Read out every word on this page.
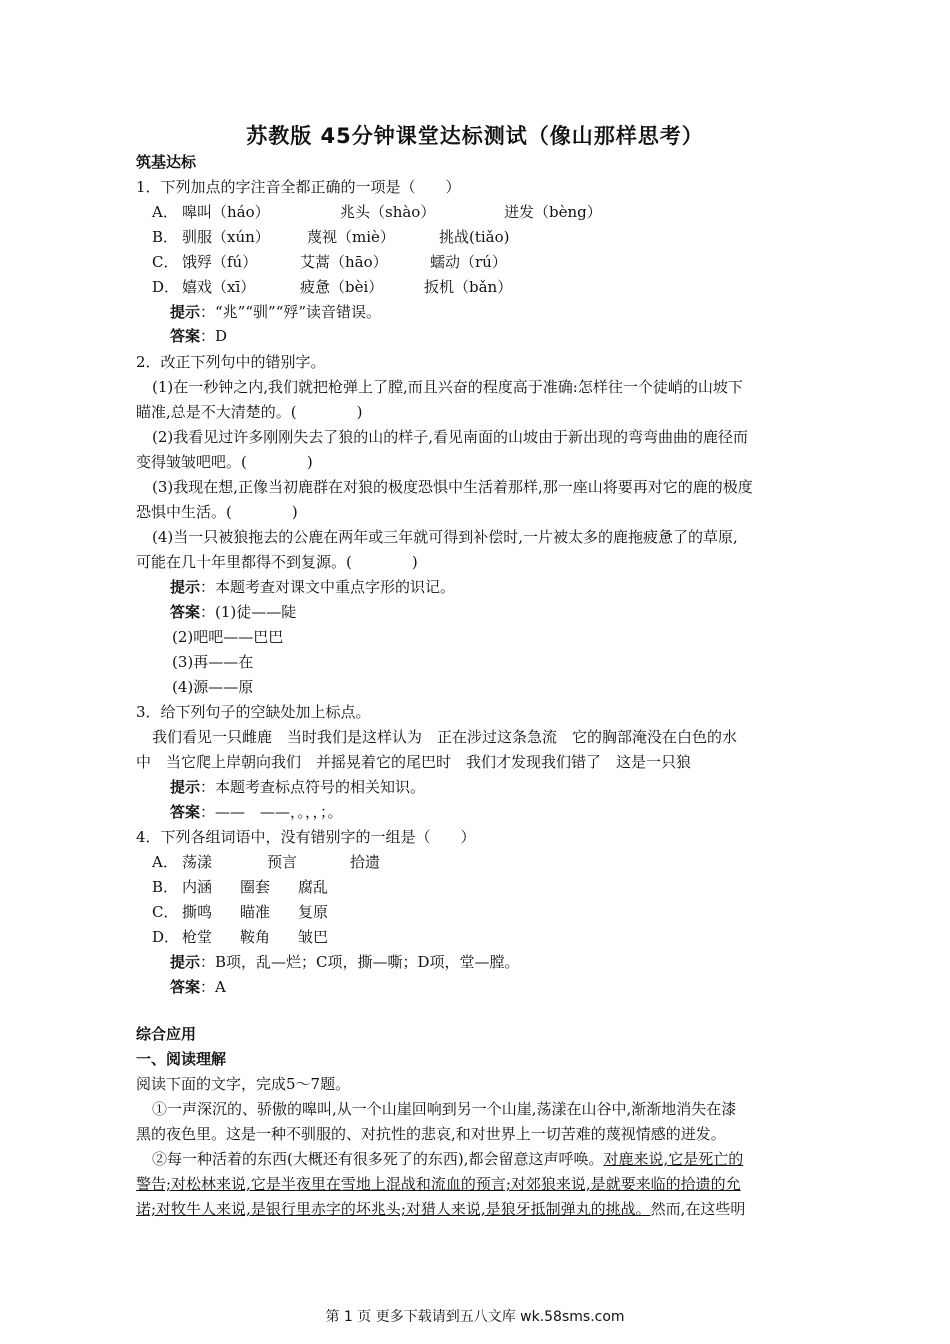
苏教版 45分钟课堂达标测试（像山那样思考）
筑基达标
1．下列加点的字注音全都正确的一项是（　　）
A． 嗥叫（háo）	兆头（shào）	迸发（bèng）
B． 驯服（xún） 蔑视（miè）	挑战(tiǎo)
C． 饿殍（fú）	艾蒿（hāo）	蠕动（rú）
D． 嬉戏（xī）	疲惫（bèi）	扳机（bǎn）
提示：“兆”“驯”“殍”读音错误。
答案：D
2．改正下列句中的错别字。
(1)在一秒钟之内,我们就把枪弹上了膛,而且兴奋的程度高于准确:怎样往一个徒峭的山坡下
瞄准,总是不大清楚的。(　　　　)
(2)我看见过许多刚刚失去了狼的山的样子,看见南面的山坡由于新出现的弯弯曲曲的鹿径而
变得皱皱吧吧。(　　　　)
(3)我现在想,正像当初鹿群在对狼的极度恐惧中生活着那样,那一座山将要再对它的鹿的极度
恐惧中生活。(　　　　)
(4)当一只被狼拖去的公鹿在两年或三年就可得到补偿时,一片被太多的鹿拖疲惫了的草原,
可能在几十年里都得不到复源。(　　　　)
提示：本题考查对课文中重点字形的识记。
答案：(1)徒——陡
(2)吧吧——巴巴
(3)再——在
(4)源——原
3．给下列句子的空缺处加上标点。
我们看见一只雌鹿　当时我们是这样认为　正在涉过这条急流　它的胸部淹没在白色的水
中　当它爬上岸朝向我们　并摇晃着它的尾巴时　我们才发现我们错了　这是一只狼
提示：本题考查标点符号的相关知识。
答案：——　——，。，，；。
4．下列各组词语中，没有错别字的一组是（　　）
A． 荡漾	预言	拾遗
B． 内涵 圈套 腐乱
C． 撕鸣 瞄准 复原
D． 枪堂 鞍角 皱巴
提示：B项，乱—烂；C项，撕—嘶；D项，堂—膛。
答案：A
综合应用
一、阅读理解
阅读下面的文字，完成5～7题。
①一声深沉的、骄傲的嗥叫,从一个山崖回响到另一个山崖,荡漾在山谷中,渐渐地消失在漆
黑的夜色里。这是一种不驯服的、对抗性的悲哀,和对世界上一切苦难的蔑视情感的迸发。
②每一种活着的东西(大概还有很多死了的东西),都会留意这声呼唤。对鹿来说,它是死亡的
警告;对松林来说,它是半夜里在雪地上混战和流血的预言;对郊狼来说,是就要来临的拾遗的允
诺;对牧牛人来说,是银行里赤字的坏兆头;对猎人来说,是狼牙抵制弹丸的挑战。然而,在这些明
第 1 页 更多下载请到五八文库 wk.58sms.com
